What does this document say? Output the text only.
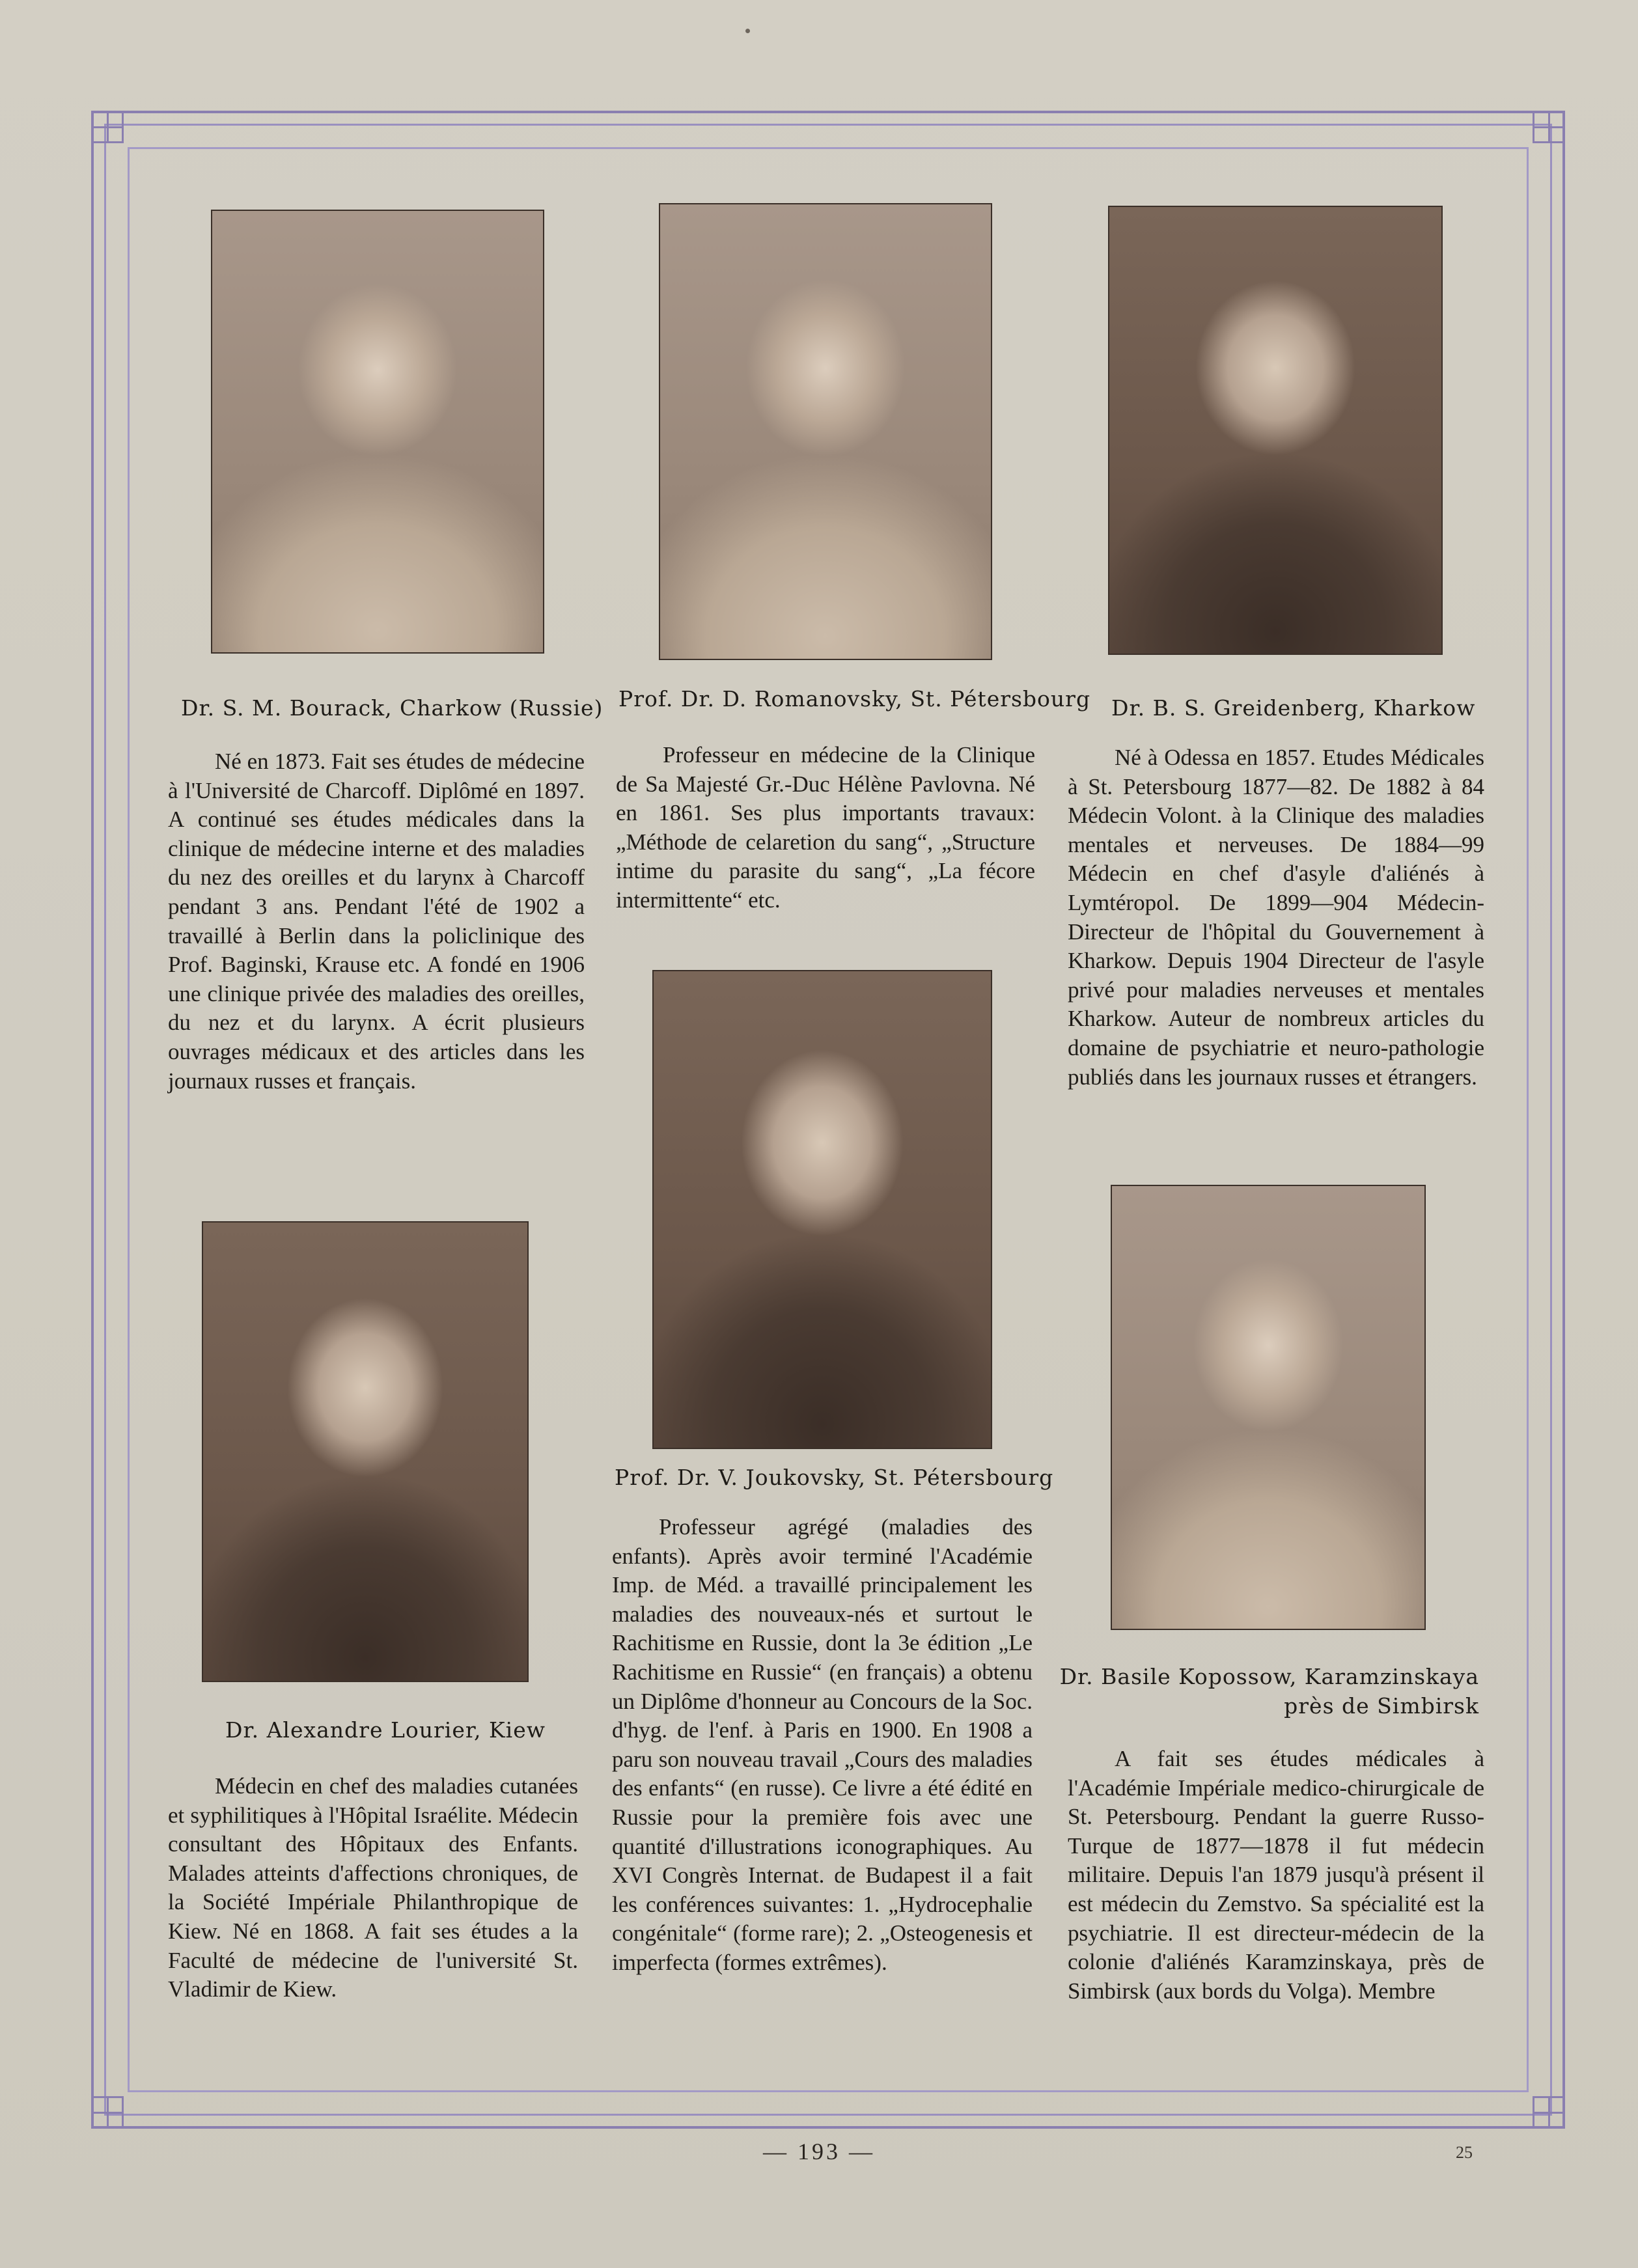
Dr. S. M. Bourack, Charkow (Russie) Prof. Dr. D. Romanovsky, St. Pétersbourg Dr. B. S. Greidenberg, Kharkow

Né en 1873. Fait ses études de médecine à l'Université de Charcoff. Diplômé en 1897. A continué ses études médicales dans la clinique de médecine interne et des maladies du nez des oreilles et du larynx à Charcoff pendant 3 ans. Pendant l'été de 1902 a travaillé à Berlin dans la policlinique des Prof. Baginski, Krause etc. A fondé en 1906 une clinique privée des maladies des oreilles, du nez et du larynx. A écrit plusieurs ouvrages médicaux et des articles dans les journaux russes et français.

Professeur en médecine de la Clinique de Sa Majesté Gr.-Duc Hélène Pavlovna. Né en 1861. Ses plus importants travaux: „Méthode de celaretion du sang“, „Structure intime du parasite du sang“, „La fécore intermittente“ etc.

Né à Odessa en 1857. Etudes Médicales à St. Petersbourg 1877—82. De 1882 à 84 Médecin Volont. à la Clinique des maladies mentales et nerveuses. De 1884—99 Médecin en chef d'asyle d'aliénés à Lymtéropol. De 1899—904 Médecin-Directeur de l'hôpital du Gouvernement à Kharkow. Depuis 1904 Directeur de l'asyle privé pour maladies nerveuses et mentales Kharkow. Auteur de nombreux articles du domaine de psychiatrie et neuro-pathologie publiés dans les journaux russes et étrangers.

Prof. Dr. V. Joukovsky, St. Pétersbourg

Professeur agrégé (maladies des enfants). Après avoir terminé l'Académie Imp. de Méd. a travaillé principalement les maladies des nouveaux-nés et surtout le Rachitisme en Russie, dont la 3e édition „Le Rachitisme en Russie“ (en français) a obtenu un Diplôme d'honneur au Concours de la Soc. d'hyg. de l'enf. à Paris en 1900. En 1908 a paru son nouveau travail „Cours des maladies des enfants“ (en russe). Ce livre a été édité en Russie pour la première fois avec une quantité d'illustrations iconographiques. Au XVI Congrès Internat. de Budapest il a fait les conférences suivantes: 1. „Hydrocephalie congénitale“ (forme rare); 2. „Osteogenesis et imperfecta (formes extrêmes).

Dr. Alexandre Lourier, Kiew

Médecin en chef des maladies cutanées et syphilitiques à l'Hôpital Israélite. Médecin consultant des Hôpitaux des Enfants. Malades atteints d'affections chroniques, de la Société Impériale Philanthropique de Kiew. Né en 1868. A fait ses études a la Faculté de médecine de l'université St. Vladimir de Kiew.

Dr. Basile Kopossow, Karamzinskaya
près de Simbirsk

A fait ses études médicales à l'Académie Impériale medico-chirurgicale de St. Petersbourg. Pendant la guerre Russo-Turque de 1877—1878 il fut médecin militaire. Depuis l'an 1879 jusqu'à présent il est médecin du Zemstvo. Sa spécialité est la psychiatrie. Il est directeur-médecin de la colonie d'aliénés Karamzinskaya, près de Simbirsk (aux bords du Volga). Membre

— 193 —	25
